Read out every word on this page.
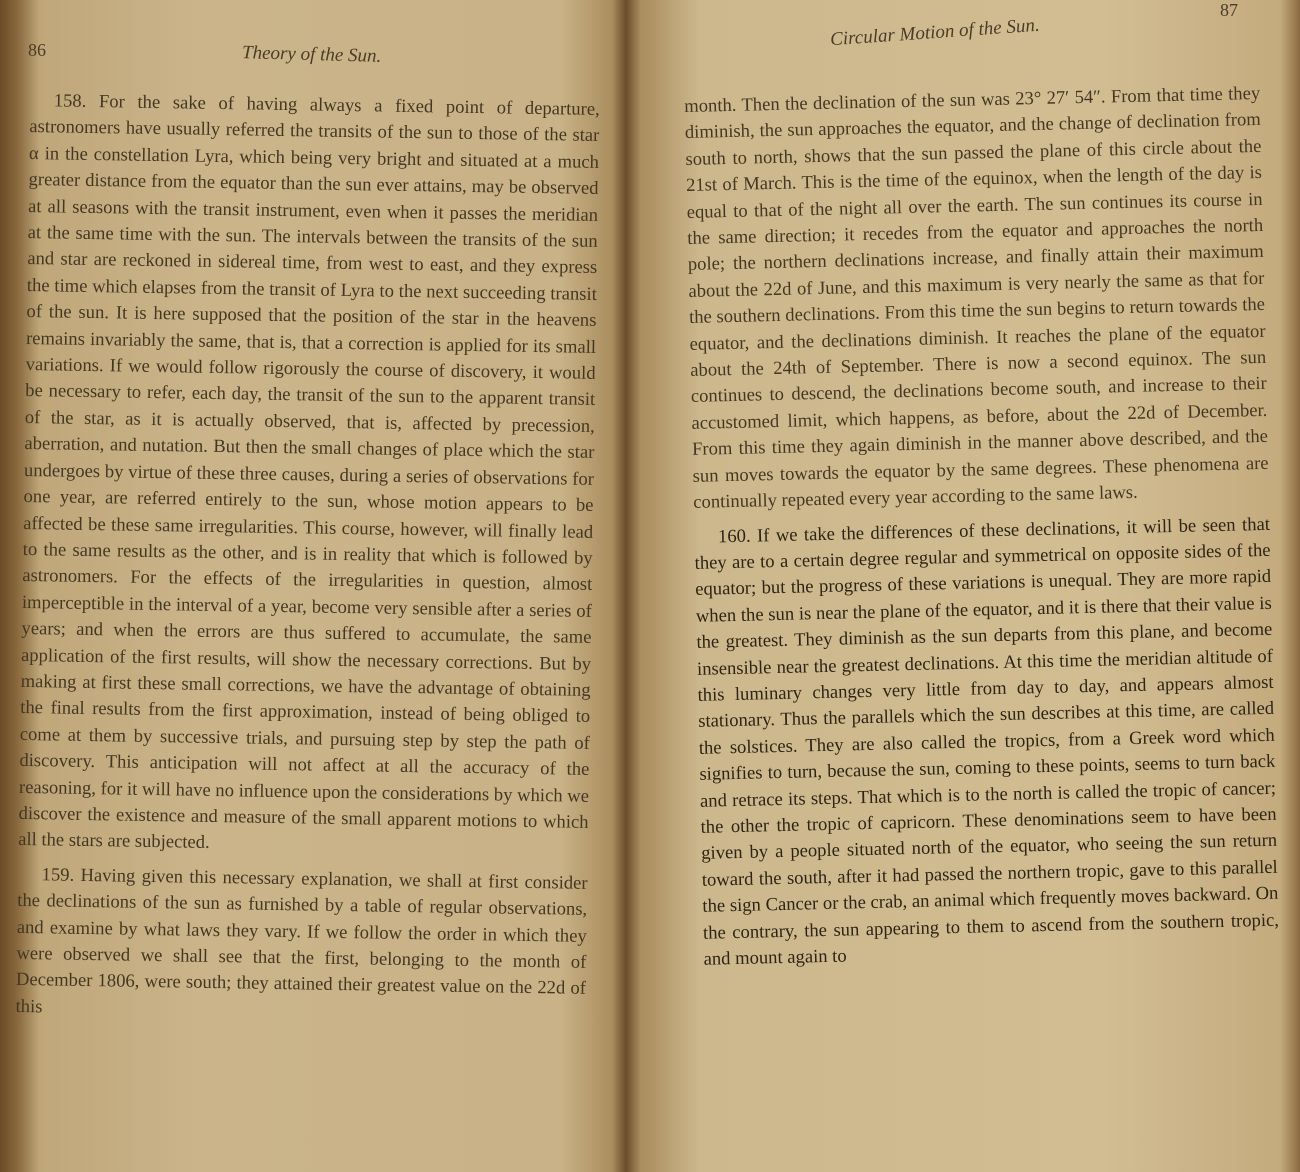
86	Theory of the Sun.

158. For the sake of having always a fixed point of departure, astronomers have usually referred the transits of the sun to those of the star α in the constellation Lyra, which being very bright and situated at a much greater distance from the equator than the sun ever attains, may be observed at all seasons with the transit instrument, even when it passes the meridian at the same time with the sun. The intervals between the transits of the sun and star are reckoned in sidereal time, from west to east, and they express the time which elapses from the transit of Lyra to the next succeeding transit of the sun. It is here supposed that the position of the star in the heavens remains invariably the same, that is, that a correction is applied for its small variations. If we would follow rigorously the course of discovery, it would be necessary to refer, each day, the transit of the sun to the apparent transit of the star, as it is actually observed, that is, affected by precession, aberration, and nutation. But then the small changes of place which the star undergoes by virtue of these three causes, during a series of observations for one year, are referred entirely to the sun, whose motion appears to be affected be these same irregularities. This course, however, will finally lead to the same results as the other, and is in reality that which is followed by astronomers. For the effects of the irregularities in question, almost imperceptible in the interval of a year, become very sensible after a series of years; and when the errors are thus suffered to accumulate, the same application of the first results, will show the necessary corrections. But by making at first these small corrections, we have the advantage of obtaining the final results from the first approximation, instead of being obliged to come at them by successive trials, and pursuing step by step the path of discovery. This anticipation will not affect at all the accuracy of the reasoning, for it will have no influence upon the considerations by which we discover the existence and measure of the small apparent motions to which all the stars are subjected.

159. Having given this necessary explanation, we shall at first consider the declinations of the sun as furnished by a table of regular observations, and examine by what laws they vary. If we follow the order in which they were observed we shall see that the first, belonging to the month of December 1806, were south; they attained their greatest value on the 22d of this

87
Circular Motion of the Sun.

month. Then the declination of the sun was 23° 27′ 54″. From that time they diminish, the sun approaches the equator, and the change of declination from south to north, shows that the sun passed the plane of this circle about the 21st of March. This is the time of the equinox, when the length of the day is equal to that of the night all over the earth. The sun continues its course in the same direction; it recedes from the equator and approaches the north pole; the northern declinations increase, and finally attain their maximum about the 22d of June, and this maximum is very nearly the same as that for the southern declinations. From this time the sun begins to return towards the equator, and the declinations diminish. It reaches the plane of the equator about the 24th of September. There is now a second equinox. The sun continues to descend, the declinations become south, and increase to their accustomed limit, which happens, as before, about the 22d of December. From this time they again diminish in the manner above described, and the sun moves towards the equator by the same degrees. These phenomena are continually repeated every year according to the same laws.

160. If we take the differences of these declinations, it will be seen that they are to a certain degree regular and symmetrical on opposite sides of the equator; but the progress of these variations is unequal. They are more rapid when the sun is near the plane of the equator, and it is there that their value is the greatest. They diminish as the sun departs from this plane, and become insensible near the greatest declinations. At this time the meridian altitude of this luminary changes very little from day to day, and appears almost stationary. Thus the parallels which the sun describes at this time, are called the solstices. They are also called the tropics, from a Greek word which signifies to turn, because the sun, coming to these points, seems to turn back and retrace its steps. That which is to the north is called the tropic of cancer; the other the tropic of capricorn. These denominations seem to have been given by a people situated north of the equator, who seeing the sun return toward the south, after it had passed the northern tropic, gave to this parallel the sign Cancer or the crab, an animal which frequently moves backward. On the contrary, the sun appearing to them to ascend from the southern tropic, and mount again to
